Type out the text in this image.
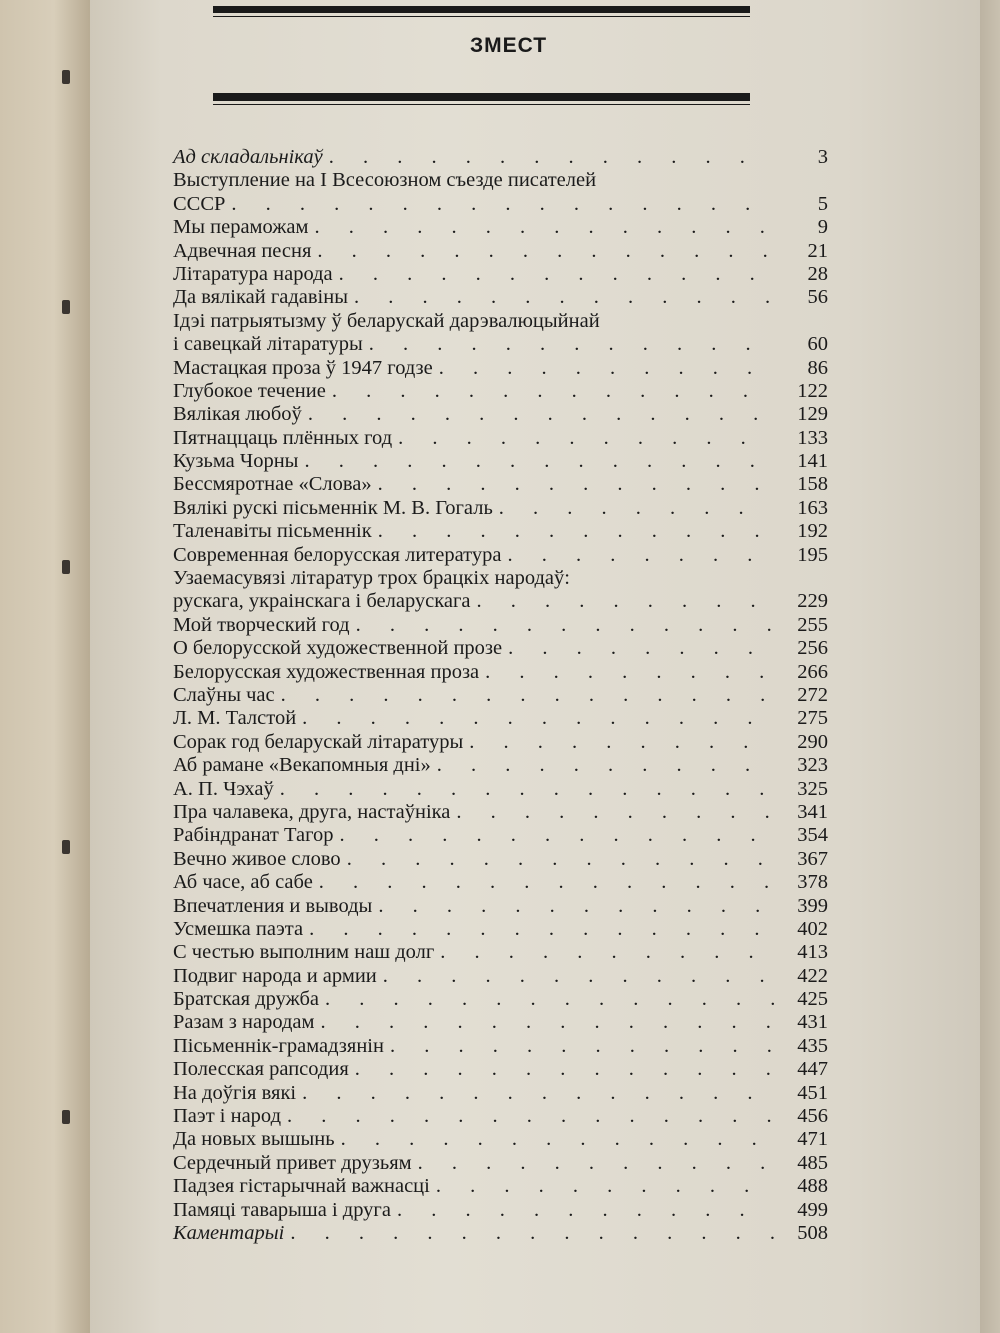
ЗМЕСТ
Ад складальнікаў . . .	3
Выступление на I Всесоюзном съезде писателей
СССР . . .	5
Мы пераможам . . .	9
Адвечная песня . . .	21
Літаратура народа . . .	28
Да вялікай гадавіны . . .	56
Ідэі патрыятызму ў беларускай дарэвалюцыйнай
і савецкай літаратуры . . .	60
Мастацкая проза ў 1947 годзе . . .	86
Глубокое течение . . .	122
Вялікая любоў . . .	129
Пятнаццаць плённых год . . .	133
Кузьма Чорны . . .	141
Бессмяротнае «Слова» . . .	158
Вялікі рускі пісьменнік М. В. Гогаль . . .	163
Таленавіты пісьменнік . . .	192
Современная белорусская литература . . .	195
Узаемасувязі літаратур трох брацкіх народаў:
рускага, украінскага і беларускага . . .	229
Мой творческий год . . .	255
О белорусской художественной прозе . . .	256
Белорусская художественная проза . . .	266
Слаўны час . . .	272
Л. М. Талстой . . .	275
Сорак год беларускай літаратуры . . .	290
Аб рамане «Векапомныя дні» . . .	323
А. П. Чэхаў . . .	325
Пра чалавека, друга, настаўніка . . .	341
Рабіндранат Тагор . . .	354
Вечно живое слово . . .	367
Аб часе, аб сабе . . .	378
Впечатления и выводы . . .	399
Усмешка паэта . . .	402
С честью выполним наш долг . . .	413
Подвиг народа и армии . . .	422
Братская дружба . . .	425
Разам з народам . . .	431
Пісьменнік-грамадзянін . . .	435
Полесская рапсодия . . .	447
На доўгія вякі . . .	451
Паэт і народ . . .	456
Да новых вышынь . . .	471
Сердечный привет друзьям . . .	485
Падзея гістарычнай важнасці . . .	488
Памяці таварыша і друга . . .	499
Каментарыі . . .	508
